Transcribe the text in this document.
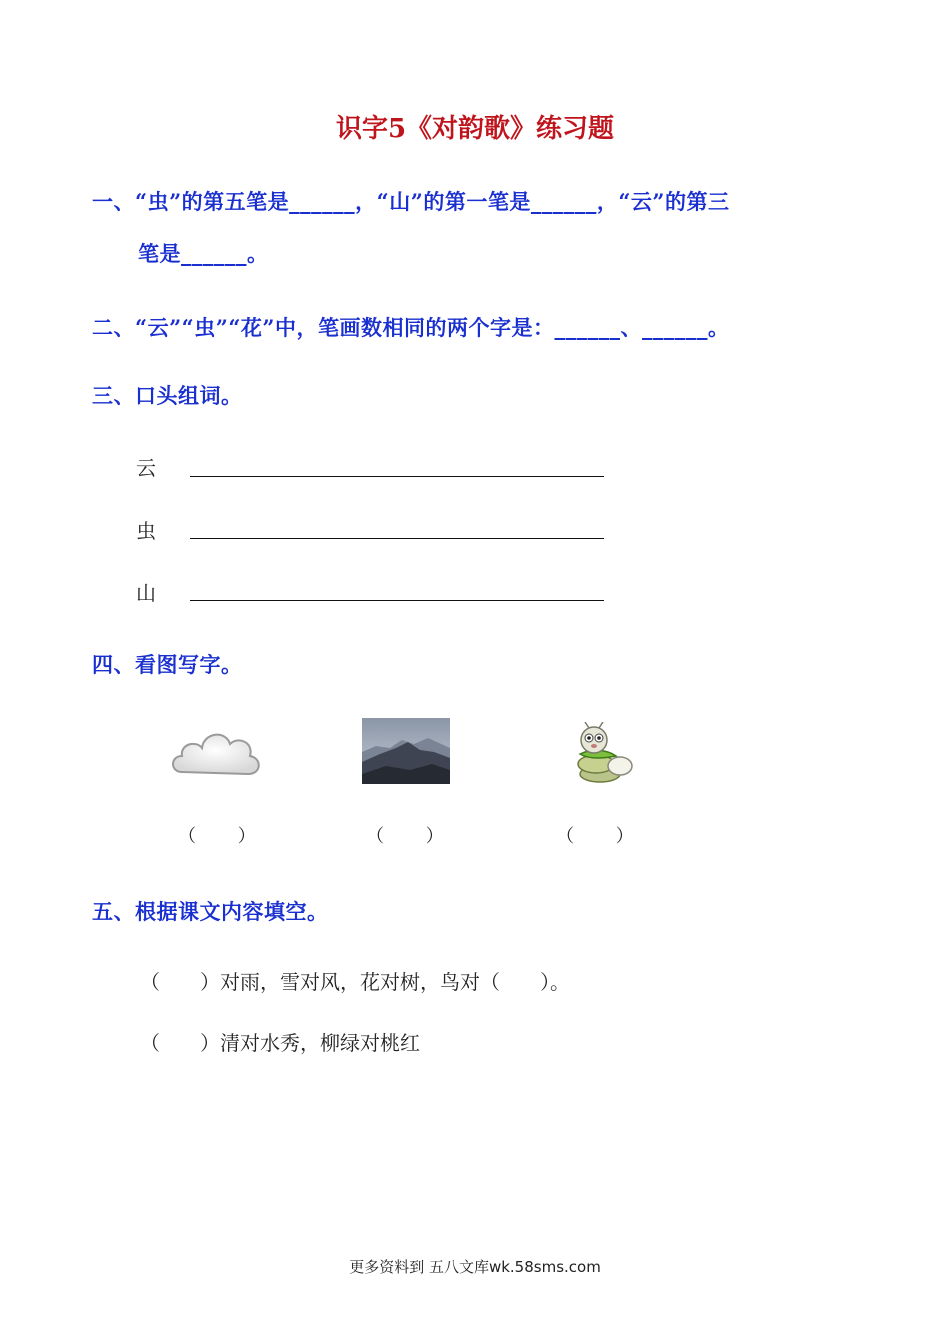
识字5《对韵歌》练习题
一、“虫”的第五笔是______，“山”的第一笔是______，“云”的第三
笔是______。
二、“云”“虫”“花”中，笔画数相同的两个字是：______、______。
三、口头组词。
云
虫
山
四、看图写字。
（　　 ）	（　　 ）	（　　 ）
五、根据课文内容填空。
（　　）对雨，雪对风，花对树，鸟对（　　）。
（　　）清对水秀，柳绿对桃红
更多资料到 五八文库wk.58sms.com
